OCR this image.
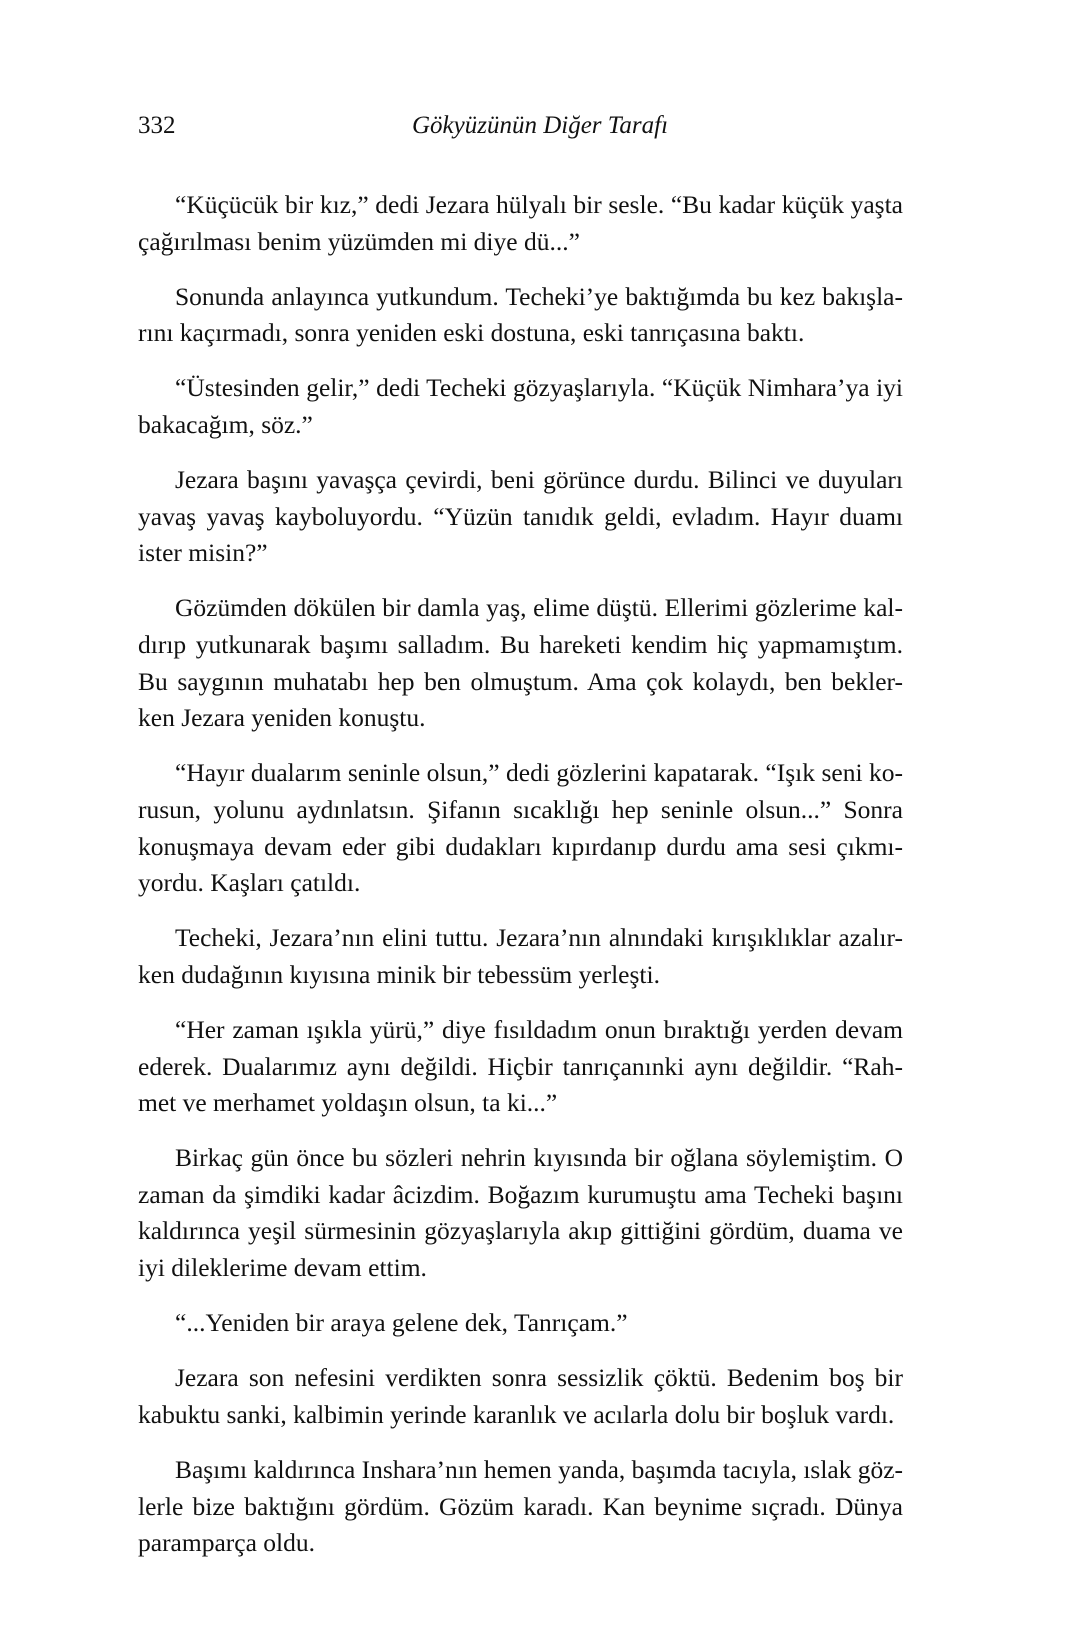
332	Gökyüzünün Diğer Tarafı
“Küçücük bir kız,” dedi Jezara hülyalı bir sesle. “Bu kadar küçük yaşta
çağırılması benim yüzümden mi diye dü...”
Sonunda anlayınca yutkundum. Techeki’ye baktığımda bu kez bakışla-
rını kaçırmadı, sonra yeniden eski dostuna, eski tanrıçasına baktı.
“Üstesinden gelir,” dedi Techeki gözyaşlarıyla. “Küçük Nimhara’ya iyi
bakacağım, söz.”
Jezara başını yavaşça çevirdi, beni görünce durdu. Bilinci ve duyuları
yavaş yavaş kayboluyordu. “Yüzün tanıdık geldi, evladım. Hayır duamı
ister misin?”
Gözümden dökülen bir damla yaş, elime düştü. Ellerimi gözlerime kal-
dırıp yutkunarak başımı salladım. Bu hareketi kendim hiç yapmamıştım.
Bu saygının muhatabı hep ben olmuştum. Ama çok kolaydı, ben bekler-
ken Jezara yeniden konuştu.
“Hayır dualarım seninle olsun,” dedi gözlerini kapatarak. “Işık seni ko-
rusun, yolunu aydınlatsın. Şifanın sıcaklığı hep seninle olsun...” Sonra
konuşmaya devam eder gibi dudakları kıpırdanıp durdu ama sesi çıkmı-
yordu. Kaşları çatıldı.
Techeki, Jezara’nın elini tuttu. Jezara’nın alnındaki kırışıklıklar azalır-
ken dudağının kıyısına minik bir tebessüm yerleşti.
“Her zaman ışıkla yürü,” diye fısıldadım onun bıraktığı yerden devam
ederek. Dualarımız aynı değildi. Hiçbir tanrıçanınki aynı değildir. “Rah-
met ve merhamet yoldaşın olsun, ta ki...”
Birkaç gün önce bu sözleri nehrin kıyısında bir oğlana söylemiştim. O
zaman da şimdiki kadar âcizdim. Boğazım kurumuştu ama Techeki başını
kaldırınca yeşil sürmesinin gözyaşlarıyla akıp gittiğini gördüm, duama ve
iyi dileklerime devam ettim.
“...Yeniden bir araya gelene dek, Tanrıçam.”
Jezara son nefesini verdikten sonra sessizlik çöktü. Bedenim boş bir
kabuktu sanki, kalbimin yerinde karanlık ve acılarla dolu bir boşluk vardı.
Başımı kaldırınca Inshara’nın hemen yanda, başımda tacıyla, ıslak göz-
lerle bize baktığını gördüm. Gözüm karadı. Kan beynime sıçradı. Dünya
paramparça oldu.
